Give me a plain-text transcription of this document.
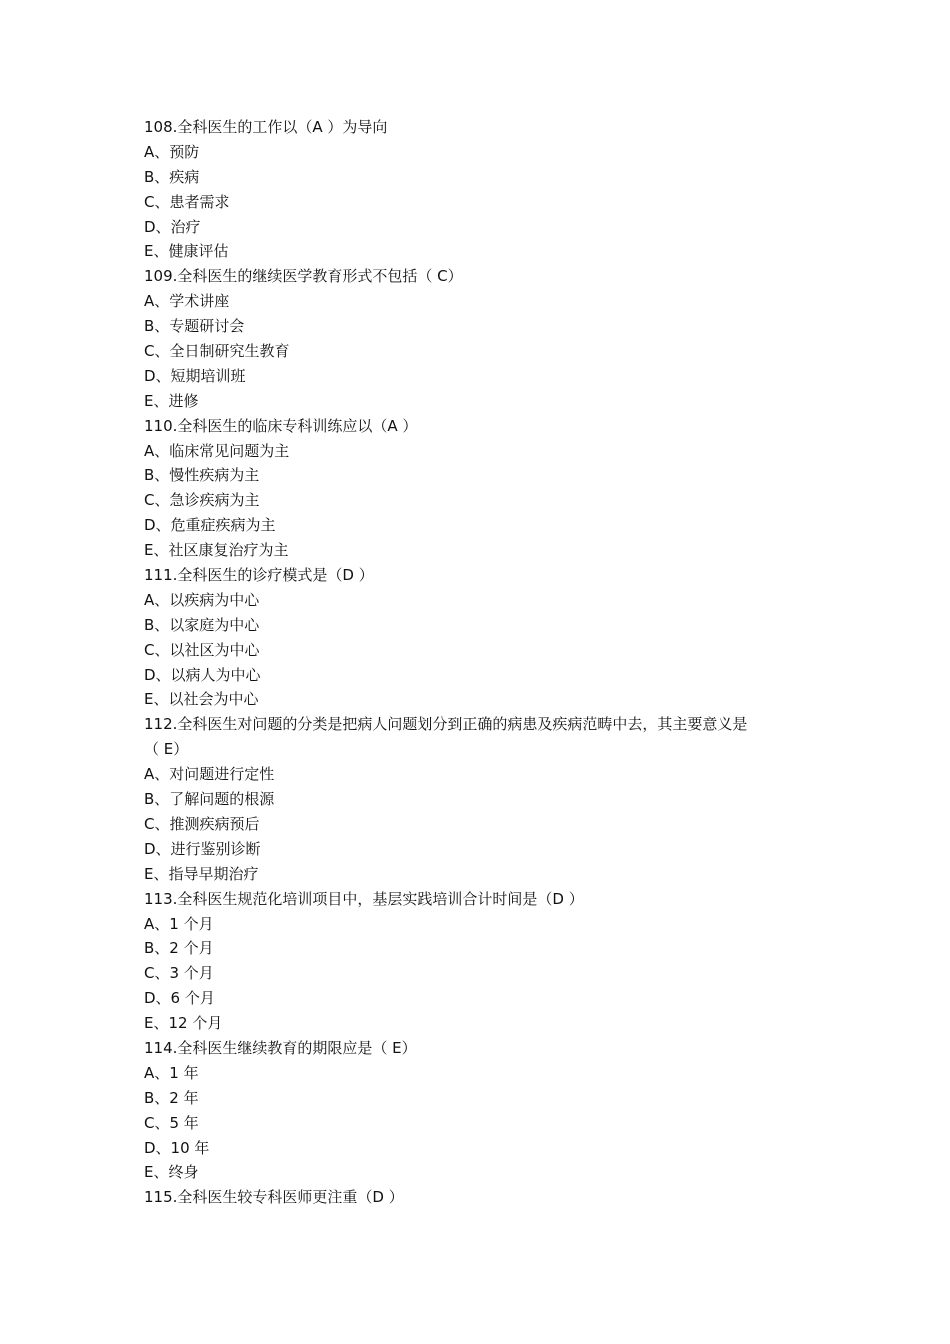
108.全科医生的工作以（A ）为导向
A、预防
B、疾病
C、患者需求
D、治疗
E、健康评估
109.全科医生的继续医学教育形式不包括（ C）
A、学术讲座
B、专题研讨会
C、全日制研究生教育
D、短期培训班
E、进修
110.全科医生的临床专科训练应以（A ）
A、临床常见问题为主
B、慢性疾病为主
C、急诊疾病为主
D、危重症疾病为主
E、社区康复治疗为主
111.全科医生的诊疗模式是（D ）
A、以疾病为中心
B、以家庭为中心
C、以社区为中心
D、以病人为中心
E、以社会为中心
112.全科医生对问题的分类是把病人问题划分到正确的病患及疾病范畴中去，其主要意义是
（ E）
A、对问题进行定性
B、了解问题的根源
C、推测疾病预后
D、进行鉴别诊断
E、指导早期治疗
113.全科医生规范化培训项目中，基层实践培训合计时间是（D ）
A、1 个月
B、2 个月
C、3 个月
D、6 个月
E、12 个月
114.全科医生继续教育的期限应是（ E）
A、1 年
B、2 年
C、5 年
D、10 年
E、终身
115.全科医生较专科医师更注重（D ）
